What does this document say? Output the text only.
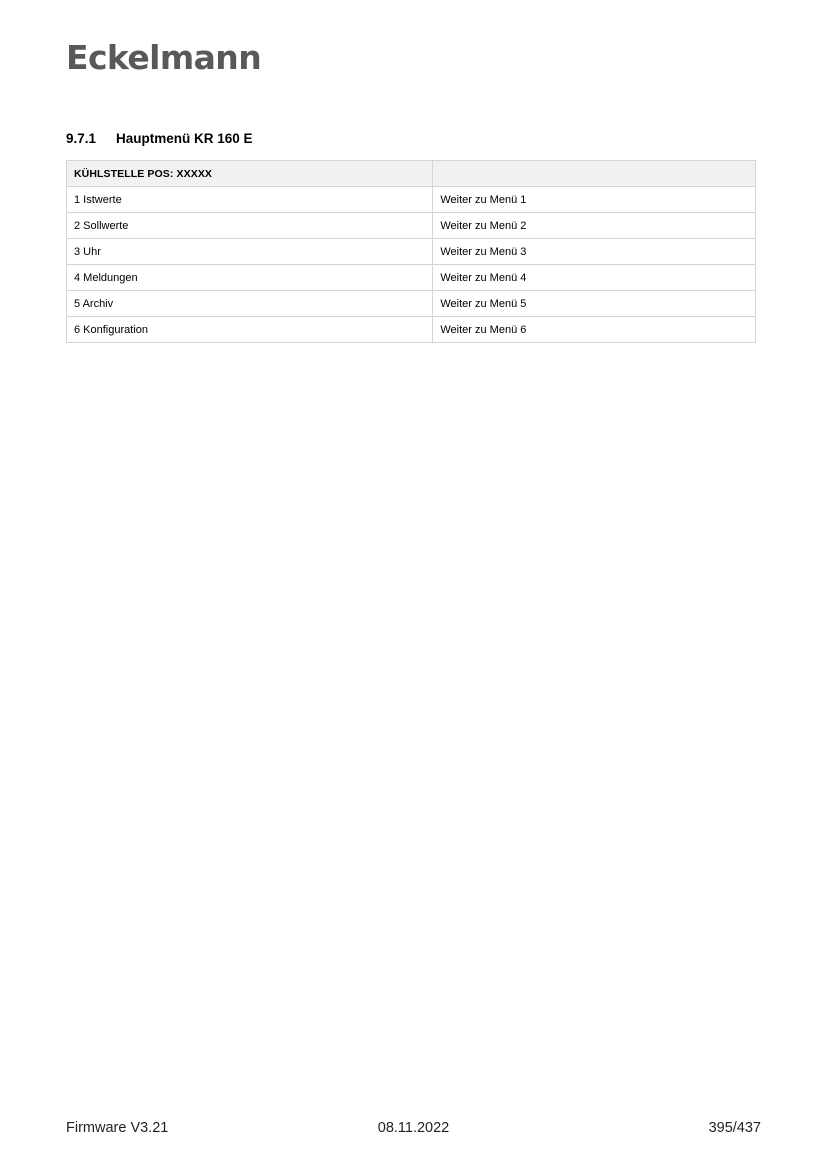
Eckelmann
9.7.1	Hauptmenü KR 160 E
KÜHLSTELLE POS: XXXXX	
1 Istwerte	Weiter zu Menü 1
2 Sollwerte	Weiter zu Menü 2
3 Uhr	Weiter zu Menü 3
4 Meldungen	Weiter zu Menü 4
5 Archiv	Weiter zu Menü 5
6 Konfiguration	Weiter zu Menü 6
Firmware V3.21	08.11.2022	395/437
